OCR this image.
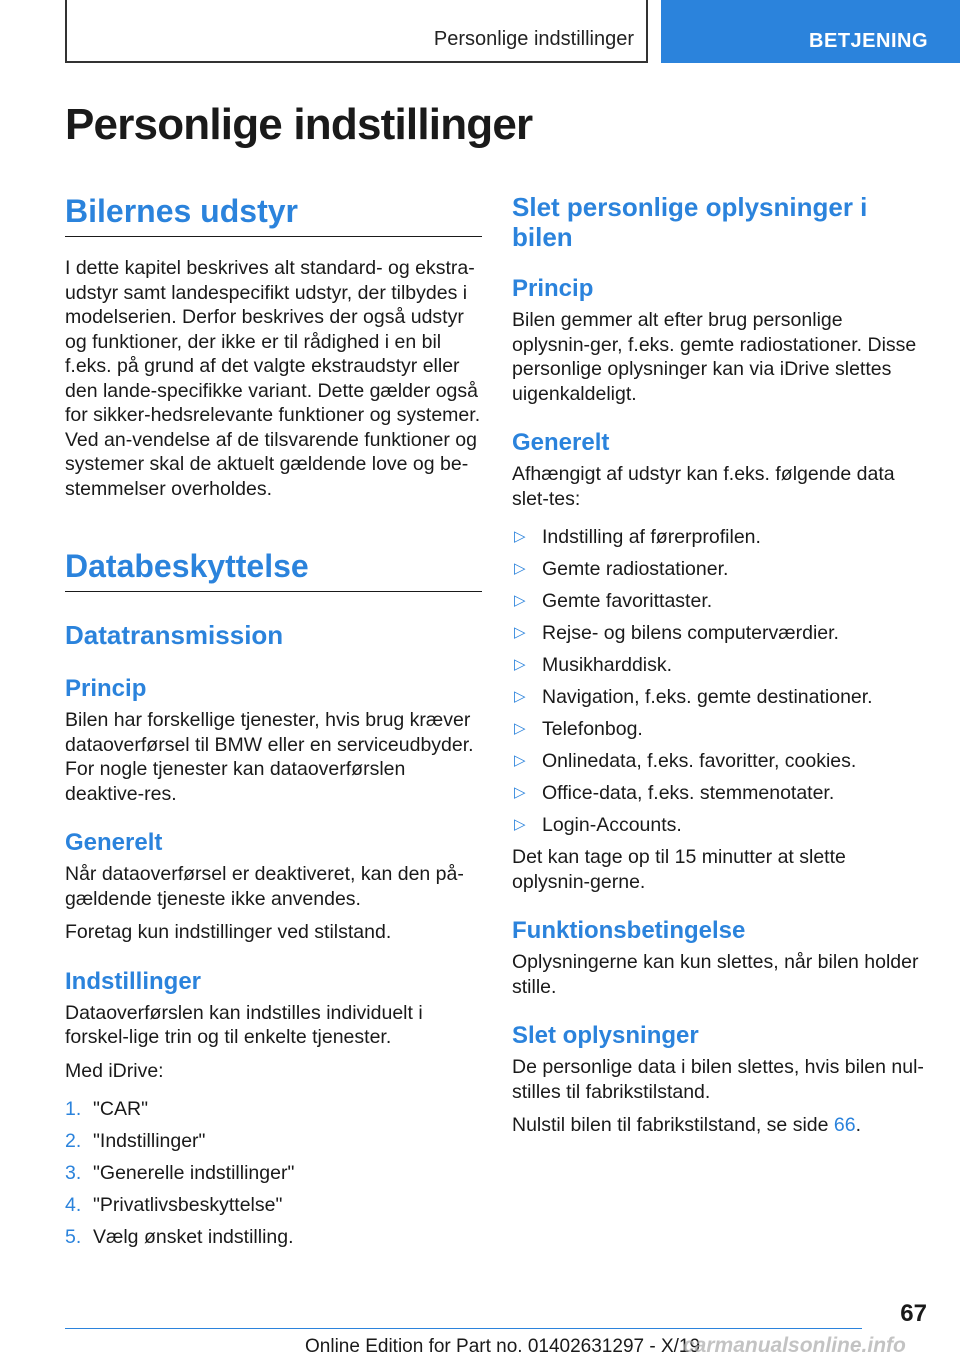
Personlige indstillinger	BETJENING
Personlige indstillinger
Bilernes udstyr

I dette kapitel beskrives alt standard- og ekstra-udstyr samt landespecifikt udstyr, der tilbydes i modelserien. Derfor beskrives der også udstyr og funktioner, der ikke er til rådighed i en bil f.eks. på grund af det valgte ekstraudstyr eller den lande-specifikke variant. Dette gælder også for sikker-hedsrelevante funktioner og systemer. Ved an-vendelse af de tilsvarende funktioner og systemer skal de aktuelt gældende love og be-stemmelser overholdes.

Databeskyttelse
Datatransmission
Princip

Bilen har forskellige tjenester, hvis brug kræver dataoverførsel til BMW eller en serviceudbyder. For nogle tjenester kan dataoverførslen deaktive-res.

Generelt

Når dataoverførsel er deaktiveret, kan den på-gældende tjeneste ikke anvendes.

Foretag kun indstillinger ved stilstand.

Indstillinger

Dataoverførslen kan indstilles individuelt i forskel-lige trin og til enkelte tjenester.

Med iDrive:

1. "CAR"
2. "Indstillinger"
3. "Generelle indstillinger"
4. "Privatlivsbeskyttelse"
5. Vælg ønsket indstilling.
Slet personlige oplysninger i bilen
Princip

Bilen gemmer alt efter brug personlige oplysnin-ger, f.eks. gemte radiostationer. Disse personlige oplysninger kan via iDrive slettes uigenkaldeligt.

Generelt

Afhængigt af udstyr kan f.eks. følgende data slet-tes:

▷ Indstilling af førerprofilen.
▷ Gemte radiostationer.
▷ Gemte favorittaster.
▷ Rejse- og bilens computerværdier.
▷ Musikharddisk.
▷ Navigation, f.eks. gemte destinationer.
▷ Telefonbog.
▷ Onlinedata, f.eks. favoritter, cookies.
▷ Office-data, f.eks. stemmenotater.
▷ Login-Accounts.

Det kan tage op til 15 minutter at slette oplysnin-gerne.

Funktionsbetingelse

Oplysningerne kan kun slettes, når bilen holder stille.

Slet oplysninger

De personlige data i bilen slettes, hvis bilen nul-stilles til fabrikstilstand.

Nulstil bilen til fabrikstilstand, se side 66.

67
Online Edition for Part no. 01402631297 - X/19
carmanualsonline.info
